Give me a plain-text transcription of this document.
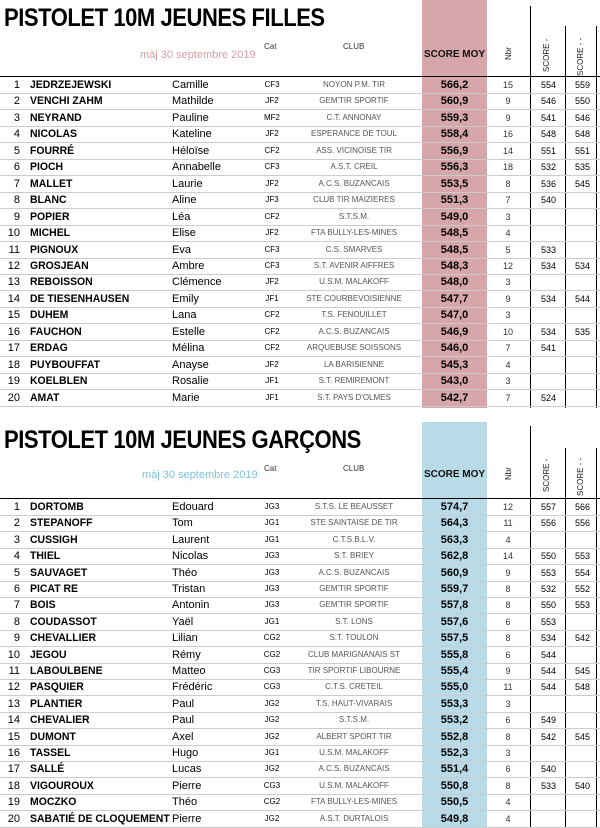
PISTOLET 10M JEUNES FILLES
màj 30 septembre 2019
Cat	CLUB
SCORE MOY Nbr	SCORE -	SCORE - -
1 JEDRZEJEWSKI	Camille	CF3	NOYON P.M. TIR	566,2	15	554	559
2 VENCHI ZAHM	Mathilde	JF2	GEM'TIR SPORTIF	560,9	9	546	550
3 NEYRAND	Pauline	MF2	C.T. ANNONAY	559,3	9	541	546
4 NICOLAS	Kateline	JF2	ESPERANCE DE TOUL	558,4	16	548	548
5 FOURRÉ	Héloïse	CF2	ASS. VICINOISE TIR	556,9	14	551	551
6 PIOCH	Annabelle	CF3	A.S.T. CREIL	556,3	18	532	535
7 MALLET	Laurie	JF2	A.C.S. BUZANCAIS	553,5	8	536	545
8 BLANC	Aline	JF3	CLUB TIR MAIZIERES	551,3	7	540
9 POPIER	Léa	CF2	S.T.S.M.	549,0	3
10 MICHEL	Elise	JF2	FTA BULLY-LES-MINES	548,5	4
11 PIGNOUX	Eva	CF3	C.S. SMARVES	548,5	5	533
12 GROSJEAN	Ambre	CF3	S.T. AVENIR AIFFRES	548,3	12	534	534
13 REBOISSON	Clémence	JF2	U.S.M. MALAKOFF	548,0	3
14 DE TIESENHAUSEN	Emily	JF1	STE COURBEVOISIENNE	547,7	9	534	544
15 DUHEM	Lana	CF2	T.S. FENOUILLET	547,0	3
16 FAUCHON	Estelle	CF2	A.C.S. BUZANCAIS	546,9	10	534	535
17 ERDAG	Mélina	CF2	ARQUEBUSE SOISSONS	546,0	7	541
18 PUYBOUFFAT	Anayse	JF2	LA BARISIENNE	545,3	4
19 KOELBLEN	Rosalie	JF1	S.T. REMIREMONT	543,0	3
20 AMAT	Marie	JF1	S.T. PAYS D'OLMES	542,7	7	524
PISTOLET 10M JEUNES GARÇONS
màj 30 septembre 2019
Cat	CLUB
SCORE MOY Nbr	SCORE -	SCORE - -
1 DORTOMB	Edouard	JG3	S.T.S. LE BEAUSSET	574,7	12	557	566
2 STEPANOFF	Tom	JG1	STE SAINTAISE DE TIR	564,3	11	556	556
3 CUSSIGH	Laurent	JG1	C.T.S.B.L.V.	563,3	4
4 THIEL	Nicolas	JG3	S.T. BRIEY	562,8	14	550	553
5 SAUVAGET	Théo	JG3	A.C.S. BUZANCAIS	560,9	9	553	554
6 PICAT RE	Tristan	JG3	GEM'TIR SPORTIF	559,7	8	532	552
7 BOIS	Antonin	JG3	GEM'TIR SPORTIF	557,8	8	550	553
8 COUDASSOT	Yaël	JG1	S.T. LONS	557,6	6	553
9 CHEVALLIER	Lilian	CG2	S.T. TOULON	557,5	8	534	542
10 JEGOU	Rémy	CG2	CLUB MARIGNANAIS ST	555,8	6	544
11 LABOULBENE	Matteo	CG3	TIR SPORTIF LIBOURNE	555,4	9	544	545
12 PASQUIER	Frédéric	CG3	C.T.S. CRETEIL	555,0	11	544	548
13 PLANTIER	Paul	JG2	T.S. HAUT-VIVARAIS	553,3	3
14 CHEVALIER	Paul	JG2	S.T.S.M.	553,2	6	549
15 DUMONT	Axel	JG2	ALBERT SPORT TIR	552,8	8	542	545
16 TASSEL	Hugo	JG1	U.S.M. MALAKOFF	552,3	3
17 SALLÉ	Lucas	JG2	A.C.S. BUZANCAIS	551,4	6	540
18 VIGOUROUX	Pierre	CG3	U.S.M. MALAKOFF	550,8	8	533	540
19 MOCZKO	Théo	CG2	FTA BULLY-LES-MINES	550,5	4
20 SABATIÉ DE CLOQUEMENT Pierre	JG2	A.S.T. DURTALOIS	549,8	4
